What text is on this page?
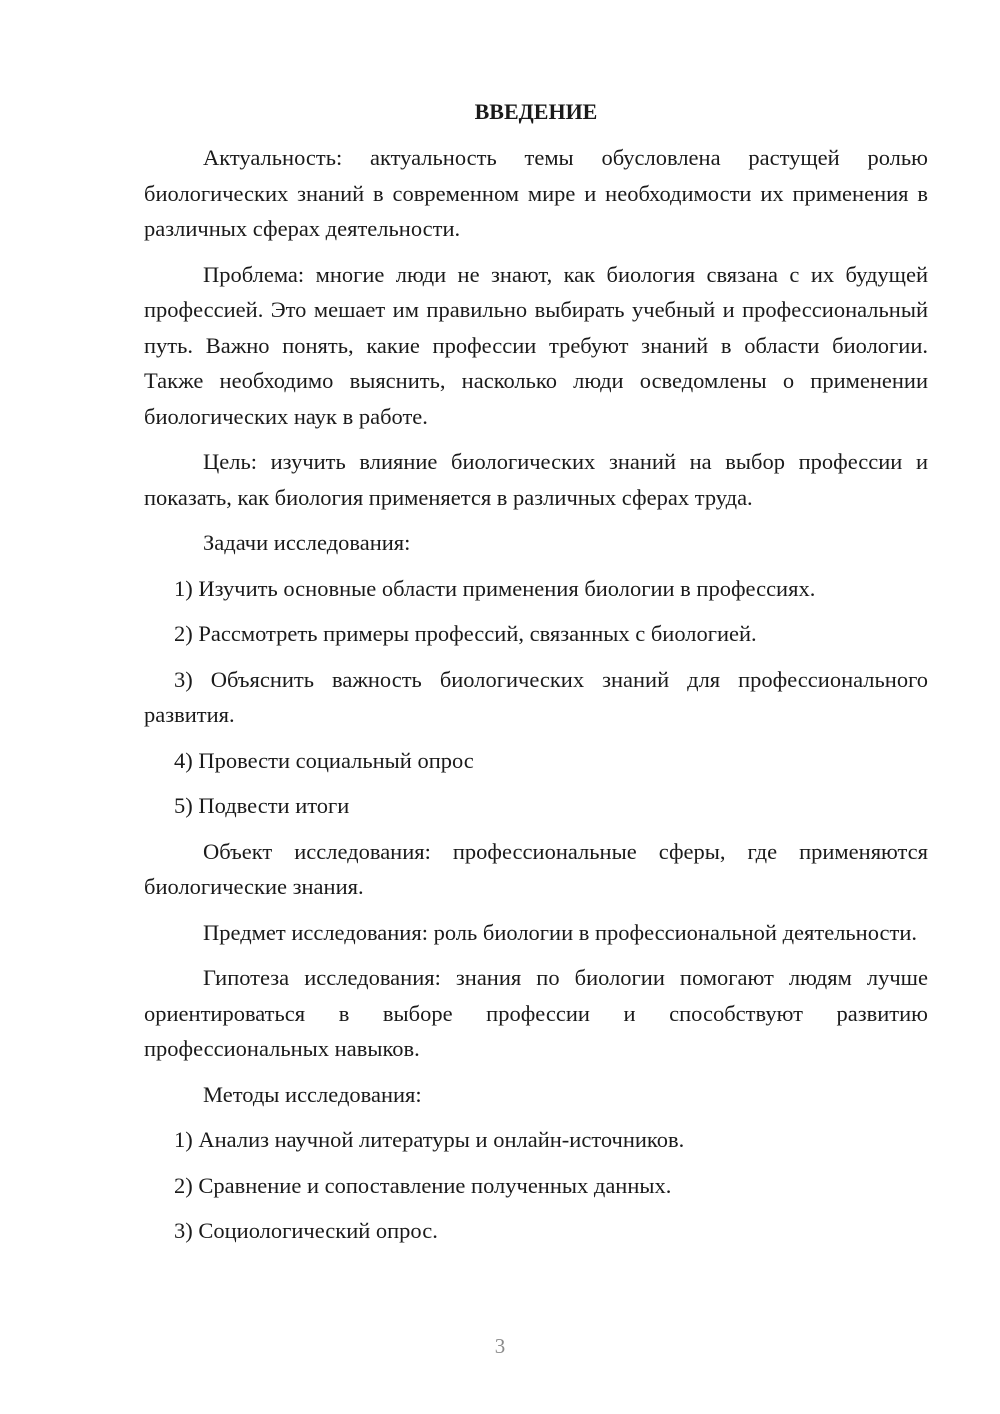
ВВЕДЕНИЕ

Актуальность: актуальность темы обусловлена растущей ролью биологических знаний в современном мире и необходимости их применения в различных сферах деятельности.

Проблема: многие люди не знают, как биология связана с их будущей профессией. Это мешает им правильно выбирать учебный и профессиональный путь. Важно понять, какие профессии требуют знаний в области биологии. Также необходимо выяснить, насколько люди осведомлены о применении биологических наук в работе.

Цель: изучить влияние биологических знаний на выбор профессии и показать, как биология применяется в различных сферах труда.

Задачи исследования:

1) Изучить основные области применения биологии в профессиях.

2) Рассмотреть примеры профессий, связанных с биологией.

3) Объяснить важность биологических знаний для профессионального развития.

4) Провести социальный опрос

5) Подвести итоги

Объект исследования: профессиональные сферы, где применяются биологические знания.

Предмет исследования: роль биологии в профессиональной деятельности.

Гипотеза исследования: знания по биологии помогают людям лучше ориентироваться в выборе профессии и способствуют развитию профессиональных навыков.

Методы исследования:

1) Анализ научной литературы и онлайн-источников.

2) Сравнение и сопоставление полученных данных.

3) Социологический опрос.

3
